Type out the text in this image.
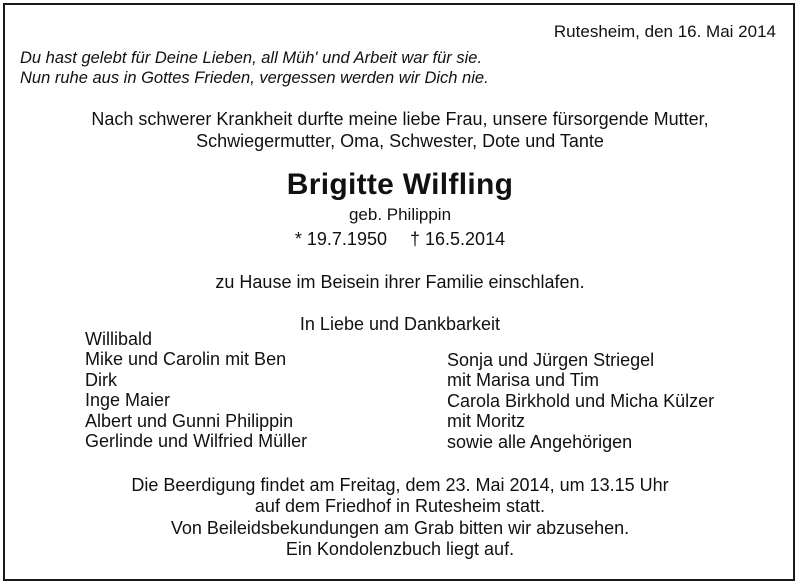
Rutesheim, den 16. Mai 2014
Du hast gelebt für Deine Lieben, all Müh' und Arbeit war für sie.
Nun ruhe aus in Gottes Frieden, vergessen werden wir Dich nie.
Nach schwerer Krankheit durfte meine liebe Frau, unsere fürsorgende Mutter,
Schwiegermutter, Oma, Schwester, Dote und Tante
Brigitte Wilfling
geb. Philippin
* 19.7.1950 † 16.5.2014
zu Hause im Beisein ihrer Familie einschlafen.
In Liebe und Dankbarkeit
Willibald
Mike und Carolin mit Ben
Dirk
Inge Maier
Albert und Gunni Philippin
Gerlinde und Wilfried Müller
Sonja und Jürgen Striegel
mit Marisa und Tim
Carola Birkhold und Micha Külzer
mit Moritz
sowie alle Angehörigen
Die Beerdigung findet am Freitag, dem 23. Mai 2014, um 13.15 Uhr
auf dem Friedhof in Rutesheim statt.
Von Beileidsbekundungen am Grab bitten wir abzusehen.
Ein Kondolenzbuch liegt auf.
